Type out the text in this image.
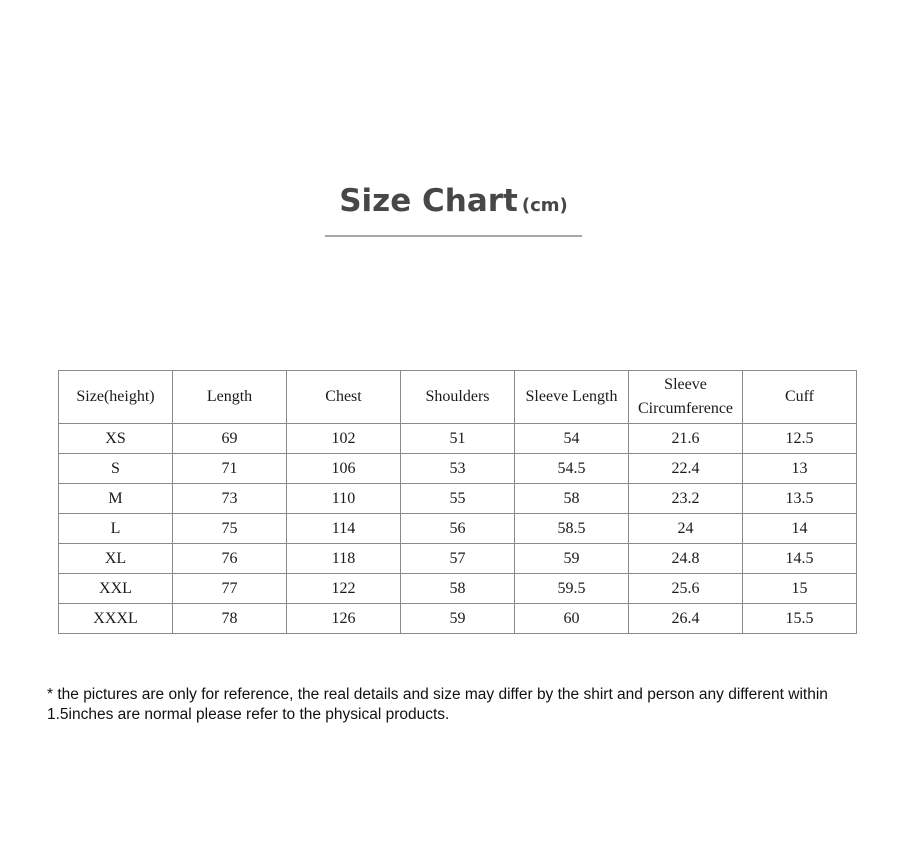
Size Chart (cm)
Size(height)	Length	Chest	Shoulders	Sleeve Length	Sleeve Circumference	Cuff
XS	69	102	51	54	21.6	12.5
S	71	106	53	54.5	22.4	13
M	73	110	55	58	23.2	13.5
L	75	114	56	58.5	24	14
XL	76	118	57	59	24.8	14.5
XXL	77	122	58	59.5	25.6	15
XXXL	78	126	59	60	26.4	15.5
* the pictures are only for reference, the real details and size may differ by the shirt and person any different within 1.5inches are normal please refer to the physical products.
